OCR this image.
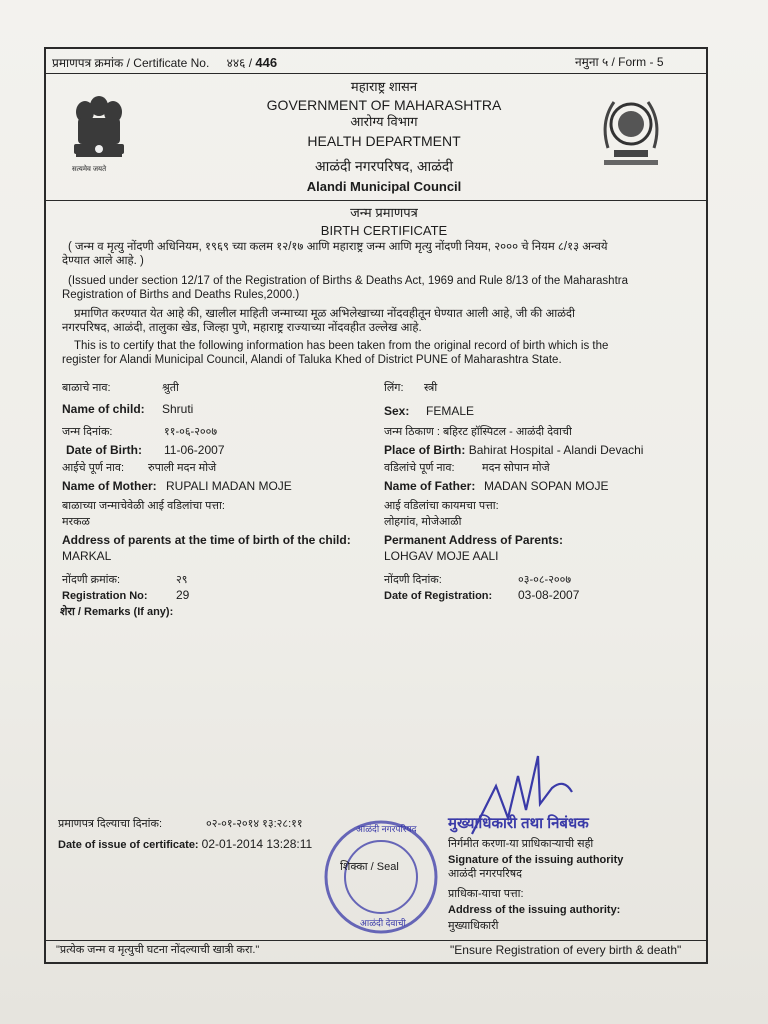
प्रमाणपत्र क्रमांक / Certificate No. ४४६ / 446	नमुना ५ / Form - 5
सत्यमेव जयते
महाराष्ट्र शासन
GOVERNMENT OF MAHARASHTRA
आरोग्य विभाग
HEALTH DEPARTMENT
आळंदी नगरपरिषद, आळंदी
Alandi Municipal Council
जन्म प्रमाणपत्र
BIRTH CERTIFICATE
( जन्म व मृत्यु नोंदणी अधिनियम, १९६९ च्या कलम १२/१७ आणि महाराष्ट्र जन्म आणि मृत्यु नोंदणी नियम, २००० चे नियम ८/१३ अन्वये
देण्यात आले आहे. )
(Issued under section 12/17 of the Registration of Births & Deaths Act, 1969 and Rule 8/13 of the Maharashtra
Registration of Births and Deaths Rules,2000.)
प्रमाणित करण्यात येत आहे की, खालील माहिती जन्माच्या मूळ अभिलेखाच्या नोंदवहीतून घेण्यात आली आहे, जी की आळंदी
नगरपरिषद, आळंदी, तालुका खेड, जिल्हा पुणे, महाराष्ट्र राज्याच्या नोंदवहीत उल्लेख आहे.
This is to certify that the following information has been taken from the original record of birth which is the
register for Alandi Municipal Council, Alandi of Taluka Khed of District PUNE of Maharashtra State.
बाळाचे नाव:	श्रुती
Name of child: Shruti
जन्म दिनांक:	११-०६-२००७
Date of Birth: 11-06-2007
आईचे पूर्ण नाव: रुपाली मदन मोजे
Name of Mother: RUPALI MADAN MOJE
बाळाच्या जन्माचेवेळी आई वडिलांचा पत्ता:
मरकळ
Address of parents at the time of birth of the child:
MARKAL
नोंदणी क्रमांक:	२९
Registration No: 29
शेरा / Remarks (If any):
लिंग: स्त्री
Sex: FEMALE
जन्म ठिकाण : बहिरट हॉस्पिटल - आळंदी देवाची
Place of Birth: Bahirat Hospital - Alandi Devachi
वडिलांचे पूर्ण नाव: मदन सोपान मोजे
Name of Father: MADAN SOPAN MOJE
आई वडिलांचा कायमचा पत्ता:
लोहगांव, मोजेआळी
Permanent Address of Parents:
LOHGAV MOJE AALI
नोंदणी दिनांक:	०३-०८-२००७
Date of Registration: 03-08-2007
प्रमाणपत्र दिल्याचा दिनांक:	०२-०१-२०१४ १३:२८:११
Date of issue of certificate: 02-01-2014 13:28:11
आळंदी नगरपरिषद
आळंदी देवाची
शिक्का / Seal
मुख्याधिकारी तथा निबंधक
निर्गमीत करणा-या प्राधिकाऱ्याची सही
Signature of the issuing authority
आळंदी नगरपरिषद
प्राधिका-याचा पत्ता:
Address of the issuing authority:
मुख्याधिकारी
"प्रत्येक जन्म व मृत्युची घटना नोंदल्याची खात्री करा."	"Ensure Registration of every birth & death"
